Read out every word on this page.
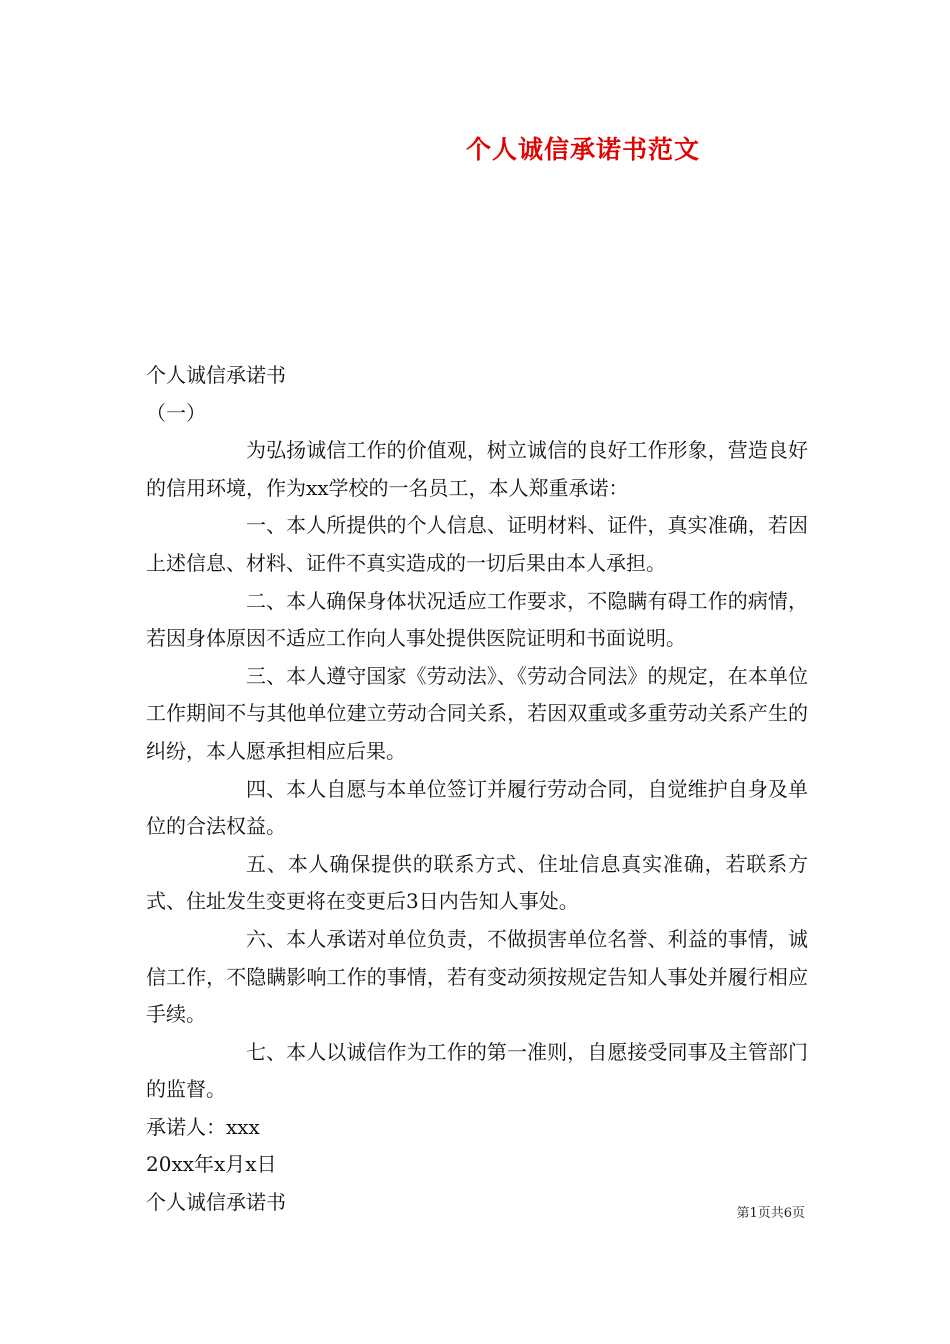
个人诚信承诺书范文

个人诚信承诺书

（一）

为弘扬诚信工作的价值观，树立诚信的良好工作形象，营造良好的信用环境，作为xx学校的一名员工，本人郑重承诺：

一、本人所提供的个人信息、证明材料、证件，真实准确，若因上述信息、材料、证件不真实造成的一切后果由本人承担。

二、本人确保身体状况适应工作要求，不隐瞒有碍工作的病情，若因身体原因不适应工作向人事处提供医院证明和书面说明。

三、本人遵守国家《劳动法》、《劳动合同法》的规定，在本单位工作期间不与其他单位建立劳动合同关系，若因双重或多重劳动关系产生的纠纷，本人愿承担相应后果。

四、本人自愿与本单位签订并履行劳动合同，自觉维护自身及单位的合法权益。

五、本人确保提供的联系方式、住址信息真实准确，若联系方式、住址发生变更将在变更后3日内告知人事处。

六、本人承诺对单位负责，不做损害单位名誉、利益的事情，诚信工作，不隐瞒影响工作的事情，若有变动须按规定告知人事处并履行相应手续。

七、本人以诚信作为工作的第一准则，自愿接受同事及主管部门的监督。

承诺人：xxx

20xx年x月x日

个人诚信承诺书	第1页共6页
